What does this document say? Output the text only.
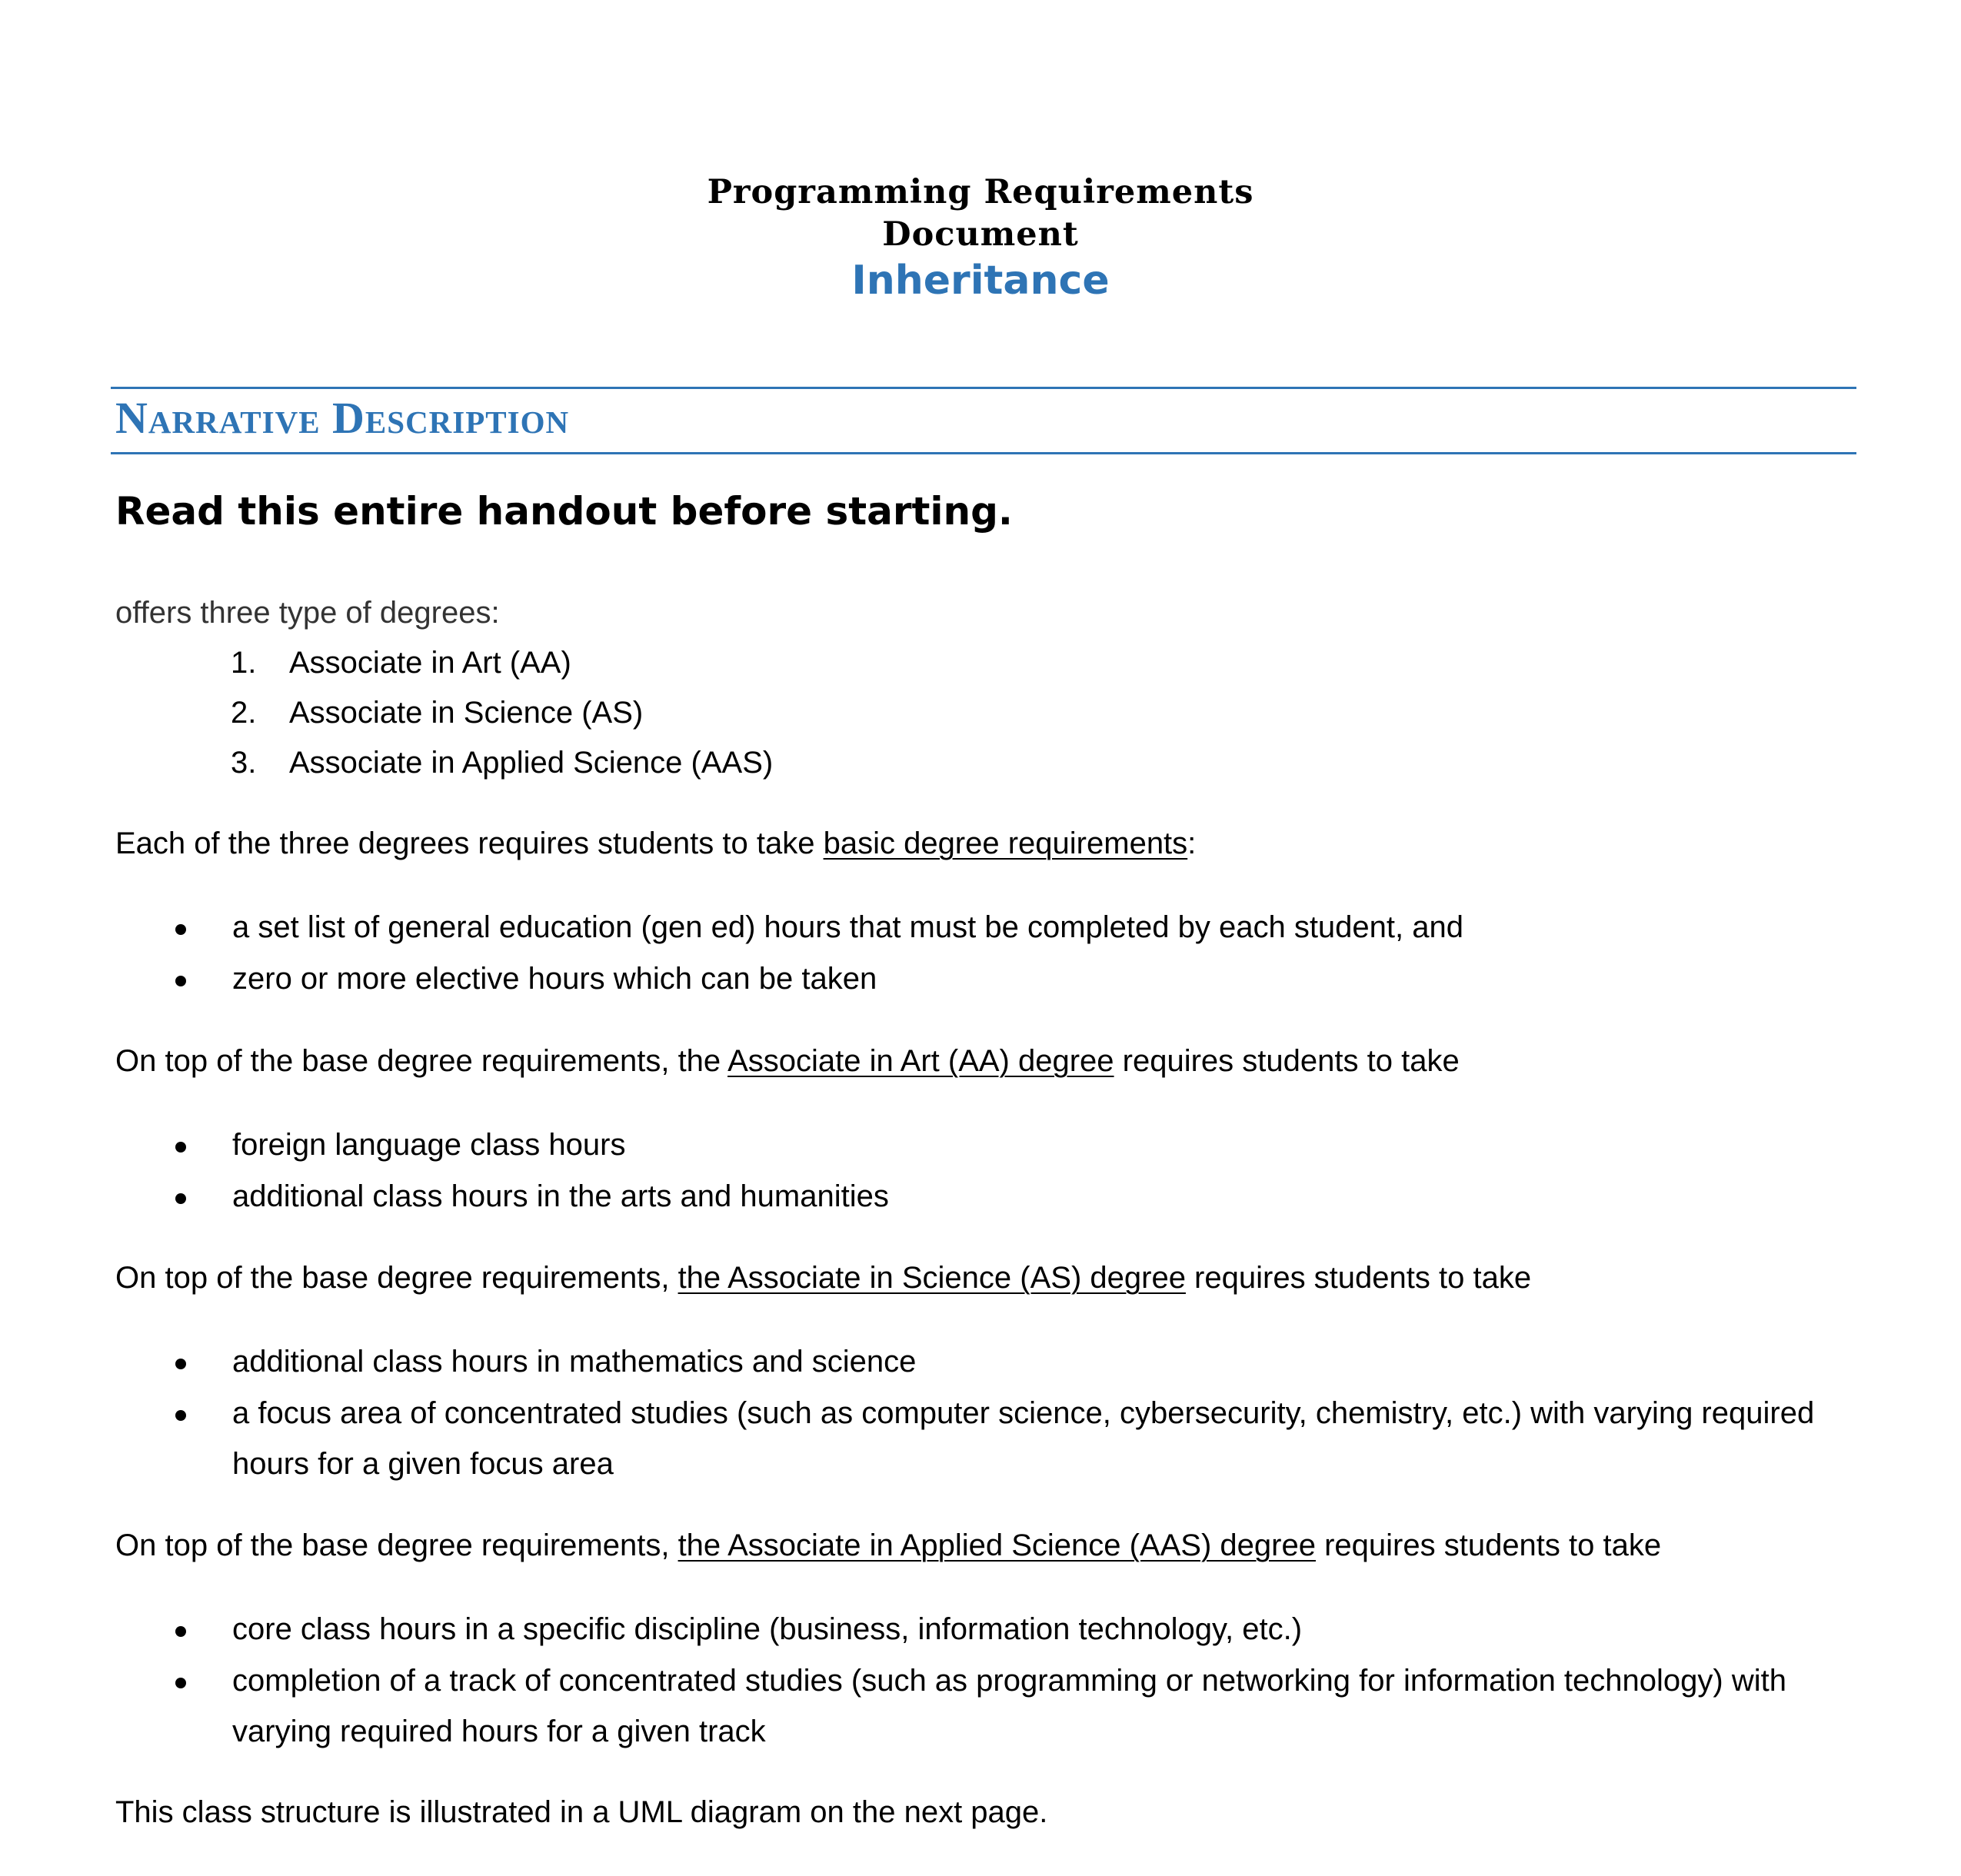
Programming Requirements
Document
Inheritance
Narrative Description
Read this entire handout before starting.
offers three type of degrees:
1. Associate in Art (AA)
2. Associate in Science (AS)
3. Associate in Applied Science (AAS)
Each of the three degrees requires students to take basic degree requirements:
a set list of general education (gen ed) hours that must be completed by each student, and
zero or more elective hours which can be taken
On top of the base degree requirements, the Associate in Art (AA) degree requires students to take
foreign language class hours
additional class hours in the arts and humanities
On top of the base degree requirements, the Associate in Science (AS) degree requires students to take
additional class hours in mathematics and science
a focus area of concentrated studies (such as computer science, cybersecurity, chemistry, etc.) with varying required hours for a given focus area
On top of the base degree requirements, the Associate in Applied Science (AAS) degree requires students to take
core class hours in a specific discipline (business, information technology, etc.)
completion of a track of concentrated studies (such as programming or networking for information technology) with varying required hours for a given track
This class structure is illustrated in a UML diagram on the next page.
